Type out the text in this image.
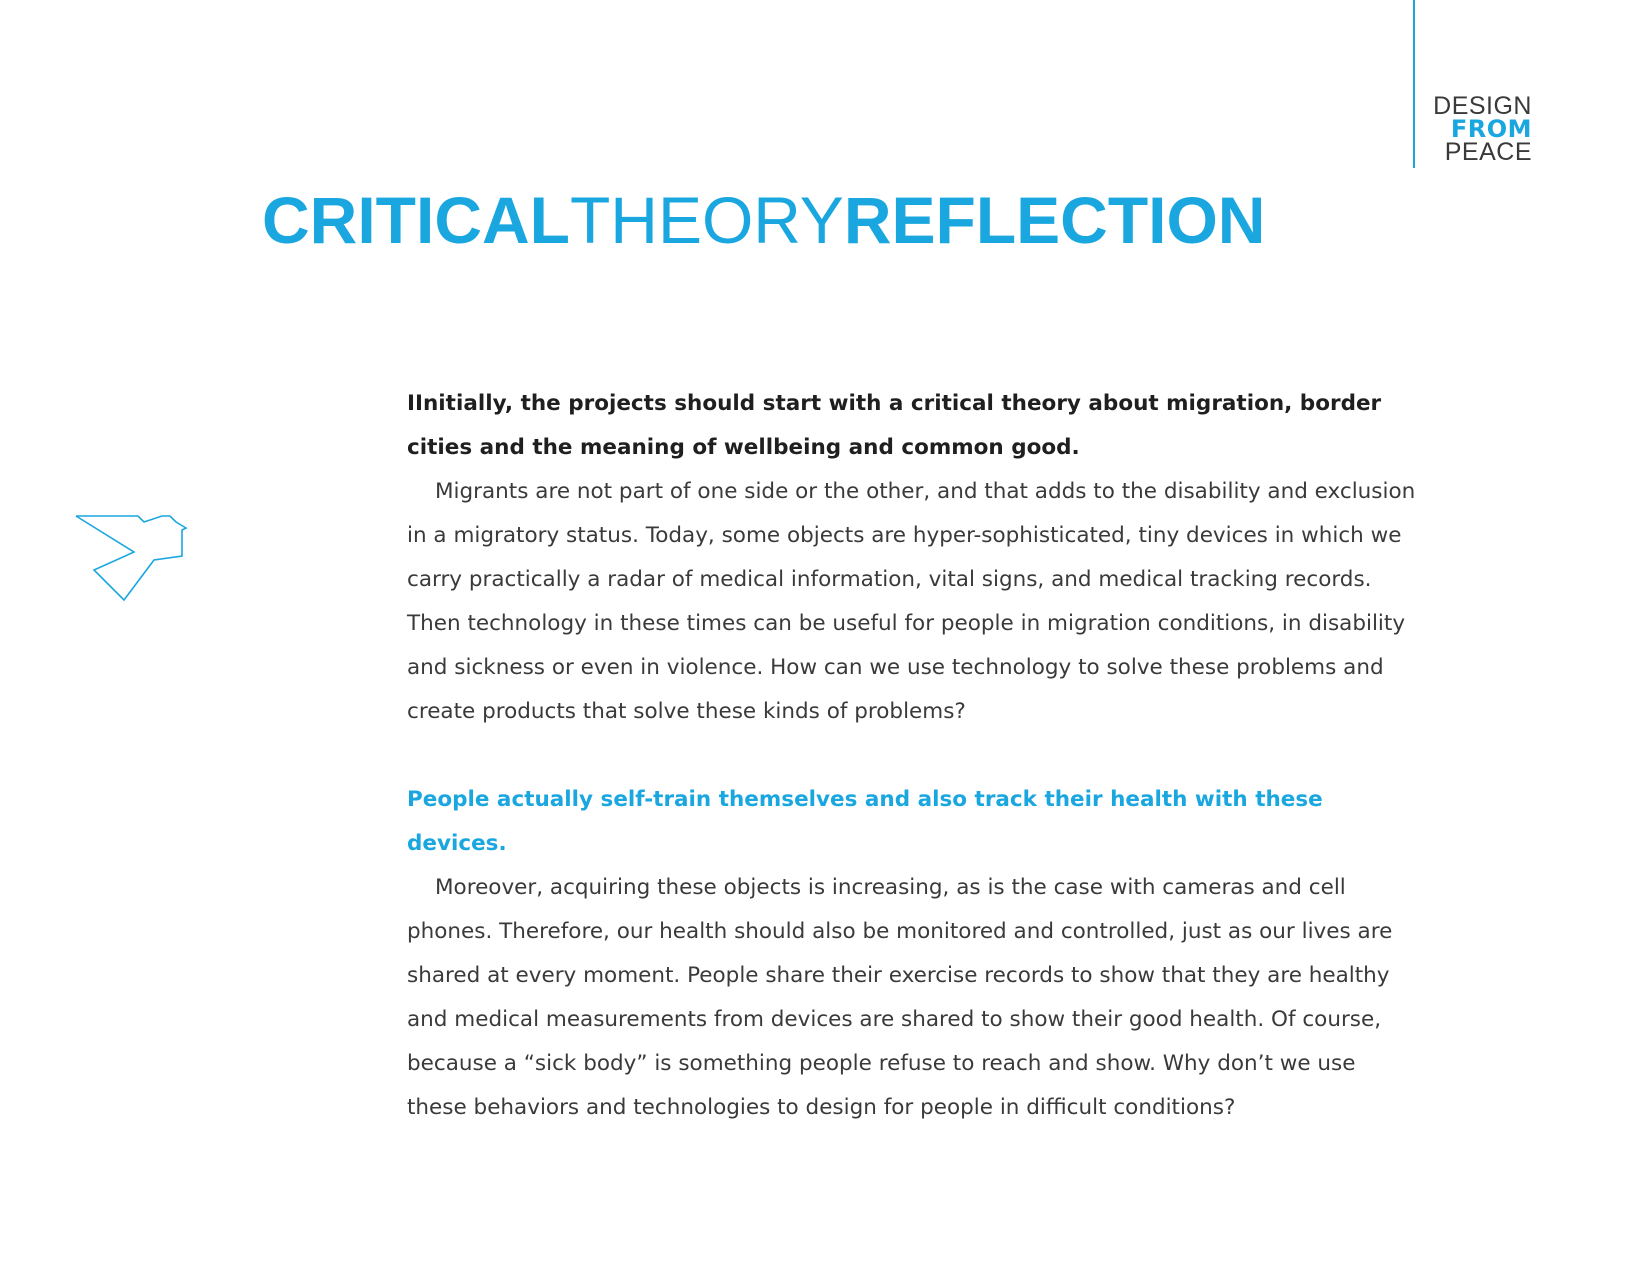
DESIGN
FROM
PEACE
CRITICALTHEORYREFLECTION

IInitially, the projects should start with a critical theory about migration, border cities and the meaning of wellbeing and common good.

Migrants are not part of one side or the other, and that adds to the disability and exclusion in a migratory status. Today, some objects are hyper-sophisticated, tiny devices in which we carry practically a radar of medical information, vital signs, and medical tracking records. Then technology in these times can be useful for people in migration conditions, in disability and sickness or even in violence. How can we use technology to solve these problems and create products that solve these kinds of problems?

People actually self-train themselves and also track their health with these devices.

Moreover, acquiring these objects is increasing, as is the case with cameras and cell phones. Therefore, our health should also be monitored and controlled, just as our lives are shared at every moment. People share their exercise records to show that they are healthy and medical measurements from devices are shared to show their good health. Of course, because a “sick body” is something people refuse to reach and show. Why don’t we use these behaviors and technologies to design for people in difficult conditions?
